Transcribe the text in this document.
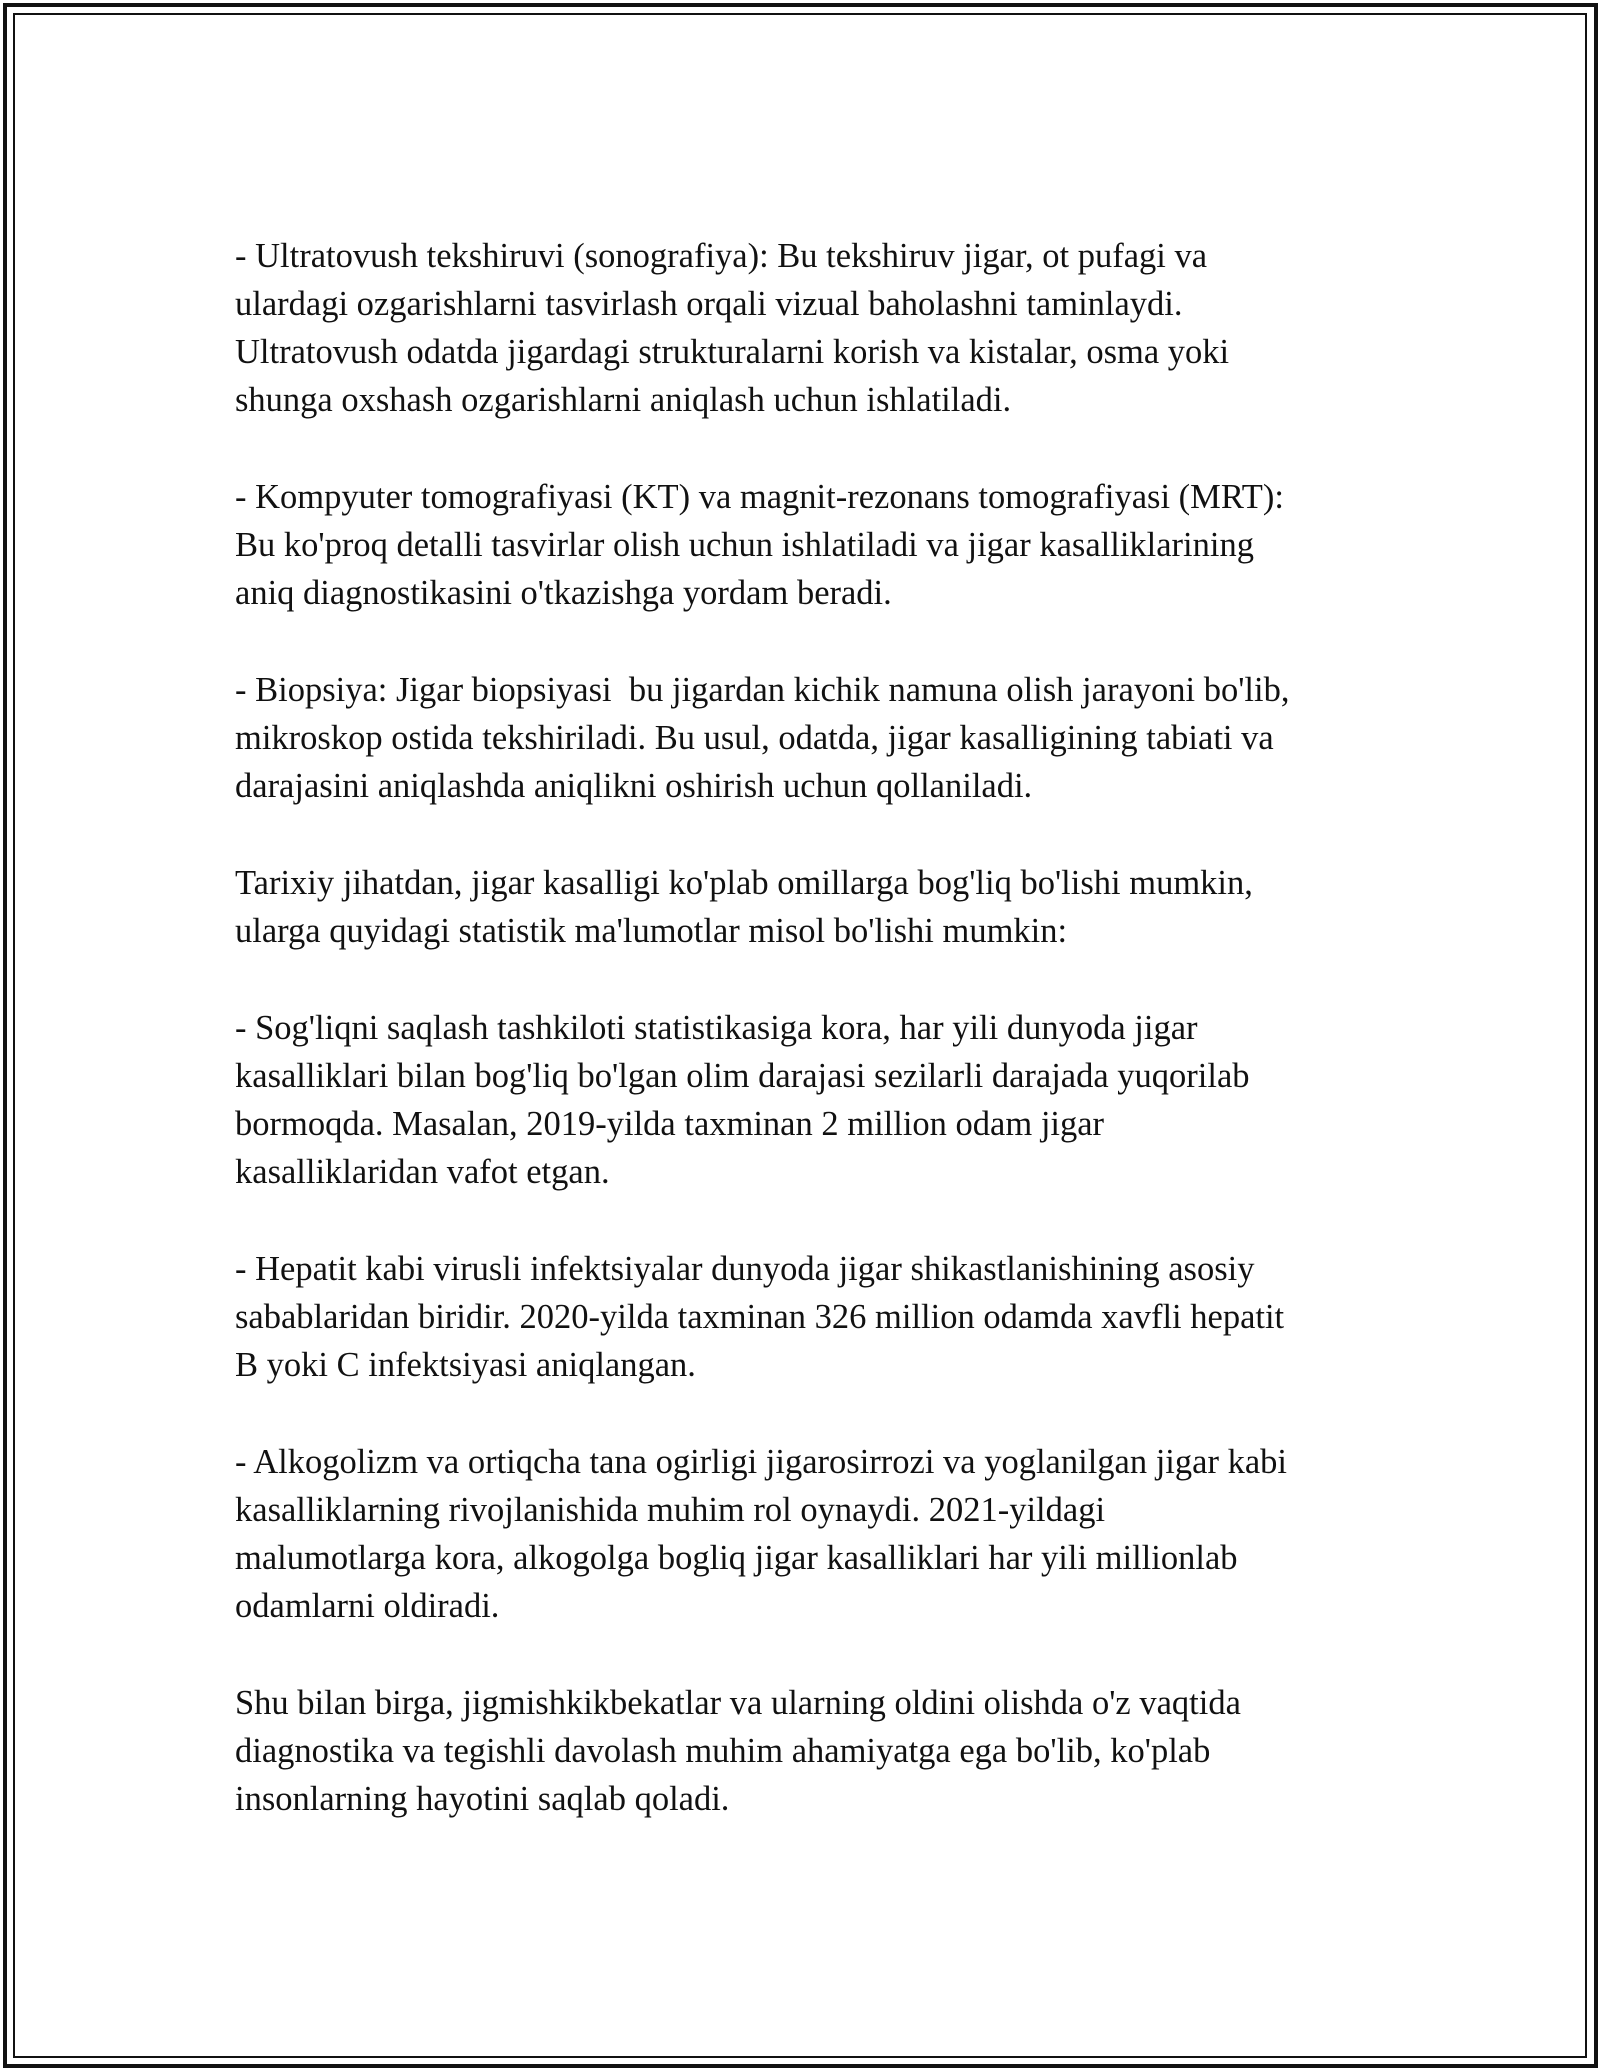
- Ultratovush tekshiruvi (sonografiya): Bu tekshiruv jigar, ot pufagi va

ulardagi ozgarishlarni tasvirlash orqali vizual baholashni taminlaydi.

Ultratovush odatda jigardagi strukturalarni korish va kistalar, osma yoki

shunga oxshash ozgarishlarni aniqlash uchun ishlatiladi.

- Kompyuter tomografiyasi (KT) va magnit-rezonans tomografiyasi (MRT):

Bu ko'proq detalli tasvirlar olish uchun ishlatiladi va jigar kasalliklarining

aniq diagnostikasini o'tkazishga yordam beradi.

- Biopsiya: Jigar biopsiyasi  bu jigardan kichik namuna olish jarayoni bo'lib,

mikroskop ostida tekshiriladi. Bu usul, odatda, jigar kasalligining tabiati va

darajasini aniqlashda aniqlikni oshirish uchun qollaniladi.

Tarixiy jihatdan, jigar kasalligi ko'plab omillarga bog'liq bo'lishi mumkin,

ularga quyidagi statistik ma'lumotlar misol bo'lishi mumkin:

- Sog'liqni saqlash tashkiloti statistikasiga kora, har yili dunyoda jigar

kasalliklari bilan bog'liq bo'lgan olim darajasi sezilarli darajada yuqorilab

bormoqda. Masalan, 2019-yilda taxminan 2 million odam jigar

kasalliklaridan vafot etgan.

- Hepatit kabi virusli infektsiyalar dunyoda jigar shikastlanishining asosiy

sabablaridan biridir. 2020-yilda taxminan 326 million odamda xavfli hepatit

B yoki C infektsiyasi aniqlangan.

- Alkogolizm va ortiqcha tana ogirligi jigarosirrozi va yoglanilgan jigar kabi

kasalliklarning rivojlanishida muhim rol oynaydi. 2021-yildagi

malumotlarga kora, alkogolga bogliq jigar kasalliklari har yili millionlab

odamlarni oldiradi.

Shu bilan birga, jigmishkikbekatlar va ularning oldini olishda o'z vaqtida

diagnostika va tegishli davolash muhim ahamiyatga ega bo'lib, ko'plab

insonlarning hayotini saqlab qoladi.
